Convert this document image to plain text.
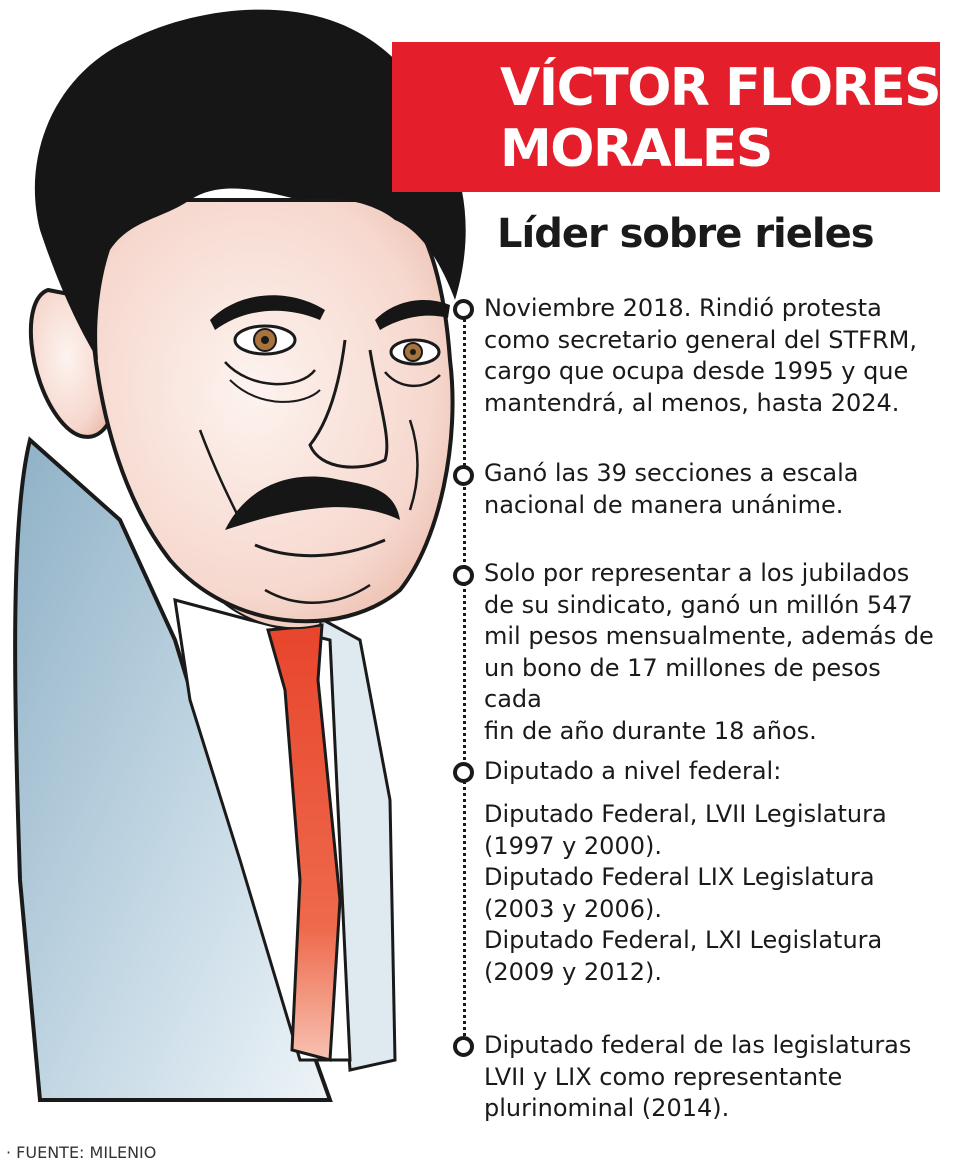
VÍCTOR FLORES
MORALES
Líder sobre rieles
Noviembre 2018. Rindió protesta
como secretario general del STFRM,
cargo que ocupa desde 1995 y que
mantendrá, al menos, hasta 2024.
Ganó las 39 secciones a escala
nacional de manera unánime.
Solo por representar a los jubilados
de su sindicato, ganó un millón 547
mil pesos mensualmente, además de
un bono de 17 millones de pesos cada
fin de año durante 18 años.
Diputado a nivel federal:
Diputado Federal, LVII Legislatura
(1997 y 2000).
Diputado Federal LIX Legislatura
(2003 y 2006).
Diputado Federal, LXI Legislatura
(2009 y 2012).
Diputado federal de las legislaturas
LVII y LIX como representante
plurinominal (2014).
· FUENTE: MILENIO
